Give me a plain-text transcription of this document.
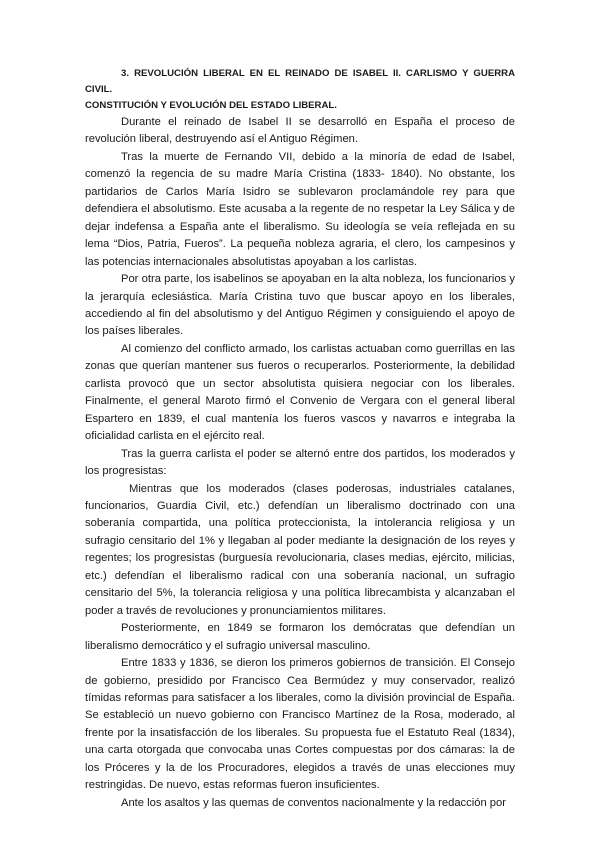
3. REVOLUCIÓN LIBERAL EN EL REINADO DE ISABEL II. CARLISMO Y GUERRA CIVIL.
CONSTITUCIÓN Y EVOLUCIÓN DEL ESTADO LIBERAL.

Durante el reinado de Isabel II se desarrolló en España el proceso de revolución liberal, destruyendo así el Antiguo Régimen.

Tras la muerte de Fernando VII, debido a la minoría de edad de Isabel, comenzó la regencia de su madre María Cristina (1833- 1840). No obstante, los partidarios de Carlos María Isidro se sublevaron proclamándole rey para que defendiera el absolutismo. Este acusaba a la regente de no respetar la Ley Sálica y de dejar indefensa a España ante el liberalismo. Su ideología se veía reflejada en su lema “Dios, Patria, Fueros”. La pequeña nobleza agraria, el clero, los campesinos y las potencias internacionales absolutistas apoyaban a los carlistas.

Por otra parte, los isabelinos se apoyaban en la alta nobleza, los funcionarios y la jerarquía eclesiástica. María Cristina tuvo que buscar apoyo en los liberales, accediendo al fin del absolutismo y del Antiguo Régimen y consiguiendo el apoyo de los países liberales.

Al comienzo del conflicto armado, los carlistas actuaban como guerrillas en las zonas que querían mantener sus fueros o recuperarlos. Posteriormente, la debilidad carlista provocó que un sector absolutista quisiera negociar con los liberales. Finalmente, el general Maroto firmó el Convenio de Vergara con el general liberal Espartero en 1839, el cual mantenía los fueros vascos y navarros e integraba la oficialidad carlista en el ejército real.

Tras la guerra carlista el poder se alternó entre dos partidos, los moderados y los progresistas:

Mientras que los moderados (clases poderosas, industriales catalanes, funcionarios, Guardia Civil, etc.) defendían un liberalismo doctrinado con una soberanía compartida, una política proteccionista, la intolerancia religiosa y un sufragio censitario del 1% y llegaban al poder mediante la designación de los reyes y regentes; los progresistas (burguesía revolucionaria, clases medias, ejército, milicias, etc.) defendían el liberalismo radical con una soberanía nacional, un sufragio censitario del 5%, la tolerancia religiosa y una política librecambista y alcanzaban el poder a través de revoluciones y pronunciamientos militares.

Posteriormente, en 1849 se formaron los demócratas que defendían un liberalismo democrático y el sufragio universal masculino.

Entre 1833 y 1836, se dieron los primeros gobiernos de transición. El Consejo de gobierno, presidido por Francisco Cea Bermúdez y muy conservador, realizó tímidas reformas para satisfacer a los liberales, como la división provincial de España. Se estableció un nuevo gobierno con Francisco Martínez de la Rosa, moderado, al frente por la insatisfacción de los liberales. Su propuesta fue el Estatuto Real (1834), una carta otorgada que convocaba unas Cortes compuestas por dos cámaras: la de los Próceres y la de los Procuradores, elegidos a través de unas elecciones muy restringidas. De nuevo, estas reformas fueron insuficientes.

Ante los asaltos y las quemas de conventos nacionalmente y la redacción por
